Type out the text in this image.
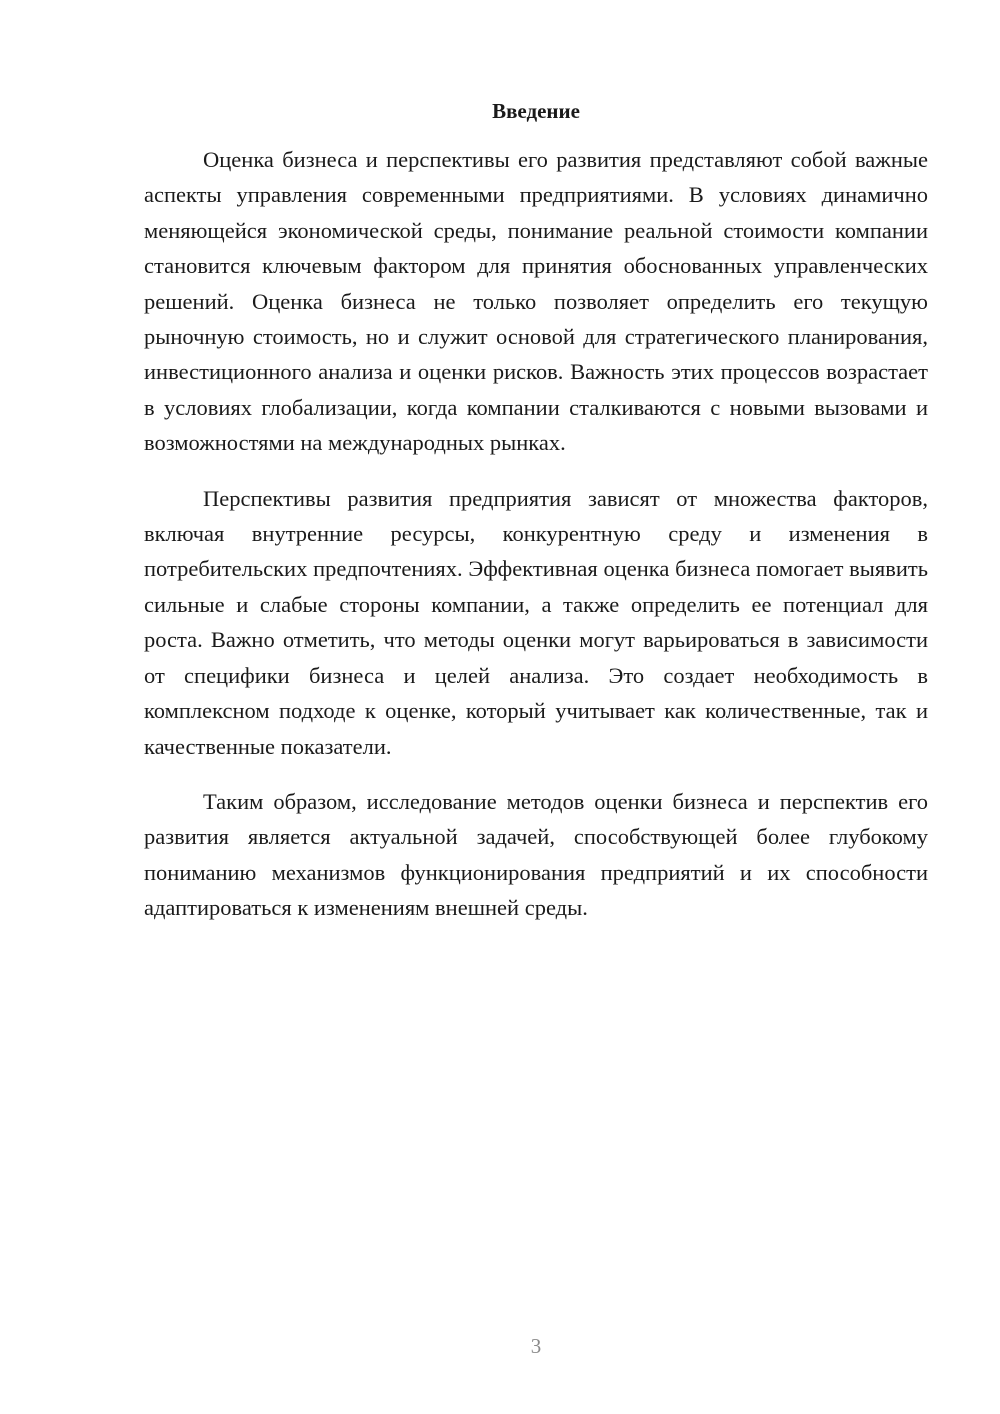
Введение

Оценка бизнеса и перспективы его развития представляют собой важные аспекты управления современными предприятиями. В условиях динамично меняющейся экономической среды, понимание реальной стоимости компании становится ключевым фактором для принятия обоснованных управленческих решений. Оценка бизнеса не только позволяет определить его текущую рыночную стоимость, но и служит основой для стратегического планирования, инвестиционного анализа и оценки рисков. Важность этих процессов возрастает в условиях глобализации, когда компании сталкиваются с новыми вызовами и возможностями на международных рынках.

Перспективы развития предприятия зависят от множества факторов, включая внутренние ресурсы, конкурентную среду и изменения в потребительских предпочтениях. Эффективная оценка бизнеса помогает выявить сильные и слабые стороны компании, а также определить ее потенциал для роста. Важно отметить, что методы оценки могут варьироваться в зависимости от специфики бизнеса и целей анализа. Это создает необходимость в комплексном подходе к оценке, который учитывает как количественные, так и качественные показатели.

Таким образом, исследование методов оценки бизнеса и перспектив его развития является актуальной задачей, способствующей более глубокому пониманию механизмов функционирования предприятий и их способности адаптироваться к изменениям внешней среды.

3
